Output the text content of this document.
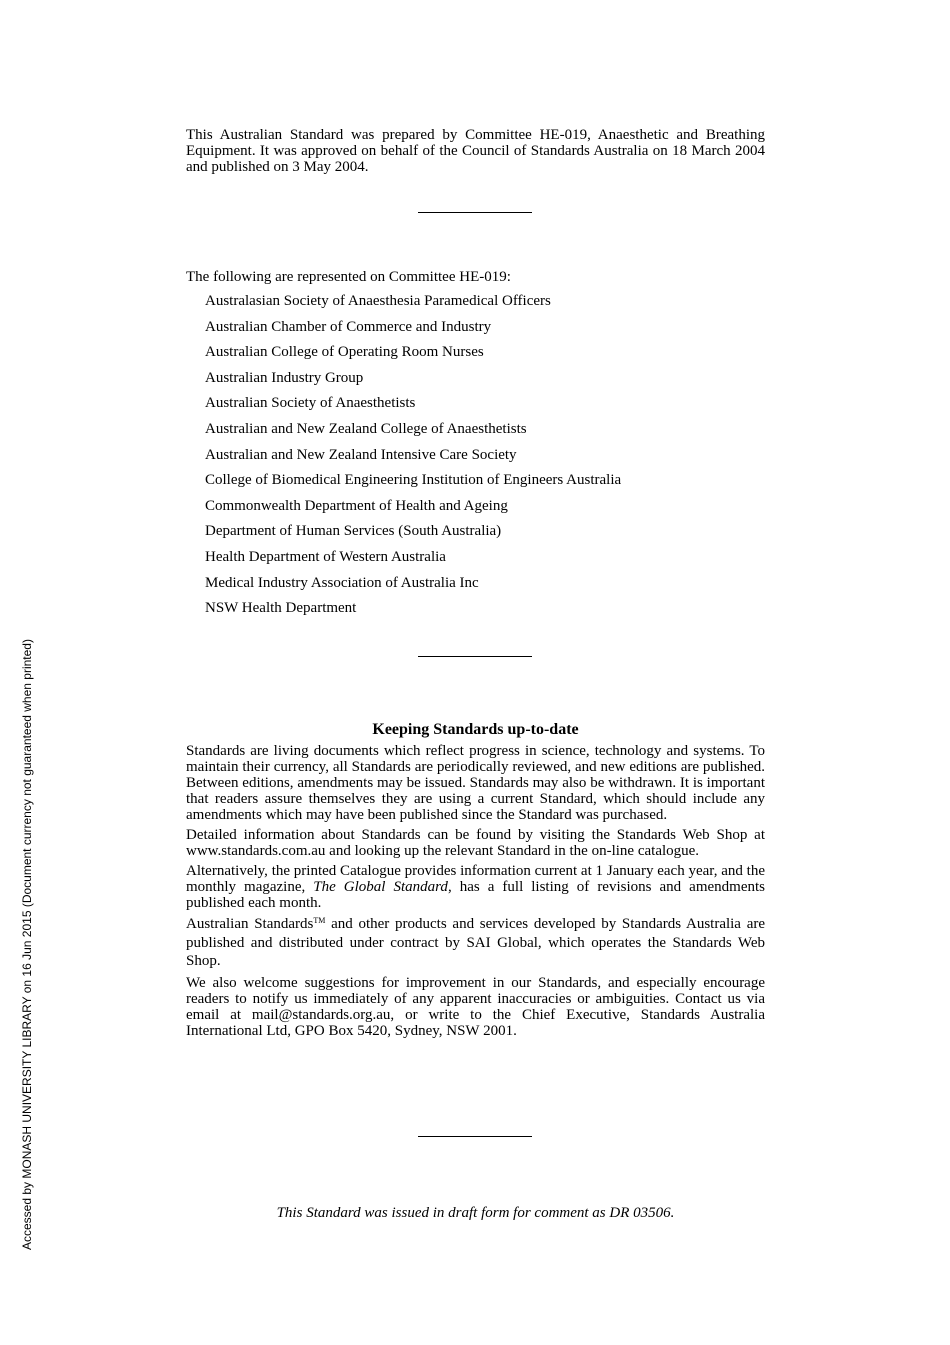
Accessed by MONASH UNIVERSITY LIBRARY on 16 Jun 2015 (Document currency not guaranteed when printed)

This Australian Standard was prepared by Committee HE-019, Anaesthetic and Breathing Equipment. It was approved on behalf of the Council of Standards Australia on 18 March 2004 and published on 3 May 2004.

The following are represented on Committee HE-019:

Australasian Society of Anaesthesia Paramedical Officers
Australian Chamber of Commerce and Industry
Australian College of Operating Room Nurses
Australian Industry Group
Australian Society of Anaesthetists
Australian and New Zealand College of Anaesthetists
Australian and New Zealand Intensive Care Society
College of Biomedical Engineering Institution of Engineers Australia
Commonwealth Department of Health and Ageing
Department of Human Services (South Australia)
Health Department of Western Australia
Medical Industry Association of Australia Inc
NSW Health Department
Keeping Standards up-to-date

Standards are living documents which reflect progress in science, technology and systems. To maintain their currency, all Standards are periodically reviewed, and new editions are published. Between editions, amendments may be issued. Standards may also be withdrawn. It is important that readers assure themselves they are using a current Standard, which should include any amendments which may have been published since the Standard was purchased.

Detailed information about Standards can be found by visiting the Standards Web Shop at www.standards.com.au and looking up the relevant Standard in the on-line catalogue.

Alternatively, the printed Catalogue provides information current at 1 January each year, and the monthly magazine, The Global Standard, has a full listing of revisions and amendments published each month.

Australian Standards™ and other products and services developed by Standards Australia are published and distributed under contract by SAI Global, which operates the Standards Web Shop.

We also welcome suggestions for improvement in our Standards, and especially encourage readers to notify us immediately of any apparent inaccuracies or ambiguities. Contact us via email at mail@standards.org.au, or write to the Chief Executive, Standards Australia International Ltd, GPO Box 5420, Sydney, NSW 2001.

This Standard was issued in draft form for comment as DR 03506.
